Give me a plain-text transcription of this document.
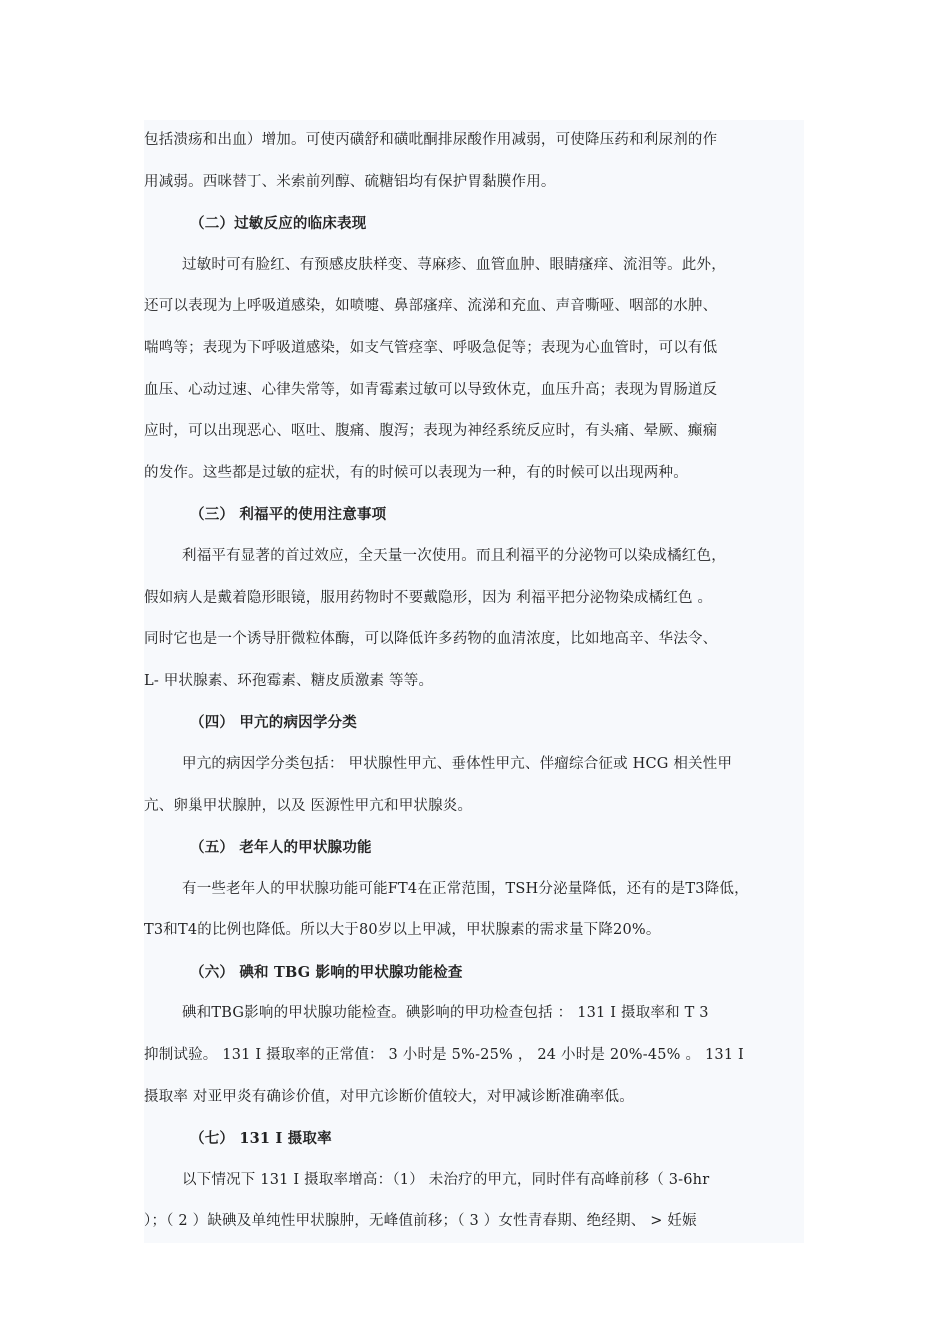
包括溃疡和出血）增加。可使丙磺舒和磺吡酮排尿酸作用减弱，可使降压药和利尿剂的作
用减弱。西咪替丁、米索前列醇、硫糖铝均有保护胃黏膜作用。
（二）过敏反应的临床表现
过敏时可有脸红、有预感皮肤样变、荨麻疹、血管血肿、眼睛瘙痒、流泪等。此外，
还可以表现为上呼吸道感染，如喷嚏、鼻部瘙痒、流涕和充血、声音嘶哑、咽部的水肿、
喘鸣等；表现为下呼吸道感染，如支气管痉挛、呼吸急促等；表现为心血管时，可以有低
血压、心动过速、心律失常等，如青霉素过敏可以导致休克，血压升高；表现为胃肠道反
应时，可以出现恶心、呕吐、腹痛、腹泻；表现为神经系统反应时，有头痛、晕厥、癫痫
的发作。这些都是过敏的症状，有的时候可以表现为一种，有的时候可以出现两种。
（三） 利福平的使用注意事项
利福平有显著的首过效应，全天量一次使用。而且利福平的分泌物可以染成橘红色，
假如病人是戴着隐形眼镜，服用药物时不要戴隐形，因为 利福平把分泌物染成橘红色 。
同时它也是一个诱导肝微粒体酶，可以降低许多药物的血清浓度，比如地高辛、华法令、
L- 甲状腺素、环孢霉素、糖皮质激素 等等。
（四） 甲亢的病因学分类
甲亢的病因学分类包括： 甲状腺性甲亢、垂体性甲亢、伴瘤综合征或 HCG 相关性甲
亢、卵巢甲状腺肿，以及 医源性甲亢和甲状腺炎。
（五） 老年人的甲状腺功能
有一些老年人的甲状腺功能可能FT4在正常范围，TSH分泌量降低，还有的是T3降低，
T3和T4的比例也降低。所以大于80岁以上甲减，甲状腺素的需求量下降20%。
（六） 碘和 TBG 影响的甲状腺功能检查
碘和TBG影响的甲状腺功能检查。碘影响的甲功检查包括 ： 131 I 摄取率和 T 3
抑制试验。 131 I 摄取率的正常值： 3 小时是 5%-25% ， 24 小时是 20%-45% 。 131 I
摄取率 对亚甲炎有确诊价值，对甲亢诊断价值较大，对甲减诊断准确率低。
（七） 131 I 摄取率
以下情况下 131 I 摄取率增高：（1） 未治疗的甲亢，同时伴有高峰前移（ 3-6hr
）；（ 2 ）缺碘及单纯性甲状腺肿，无峰值前移；（ 3 ）女性青春期、绝经期、 > 妊娠
